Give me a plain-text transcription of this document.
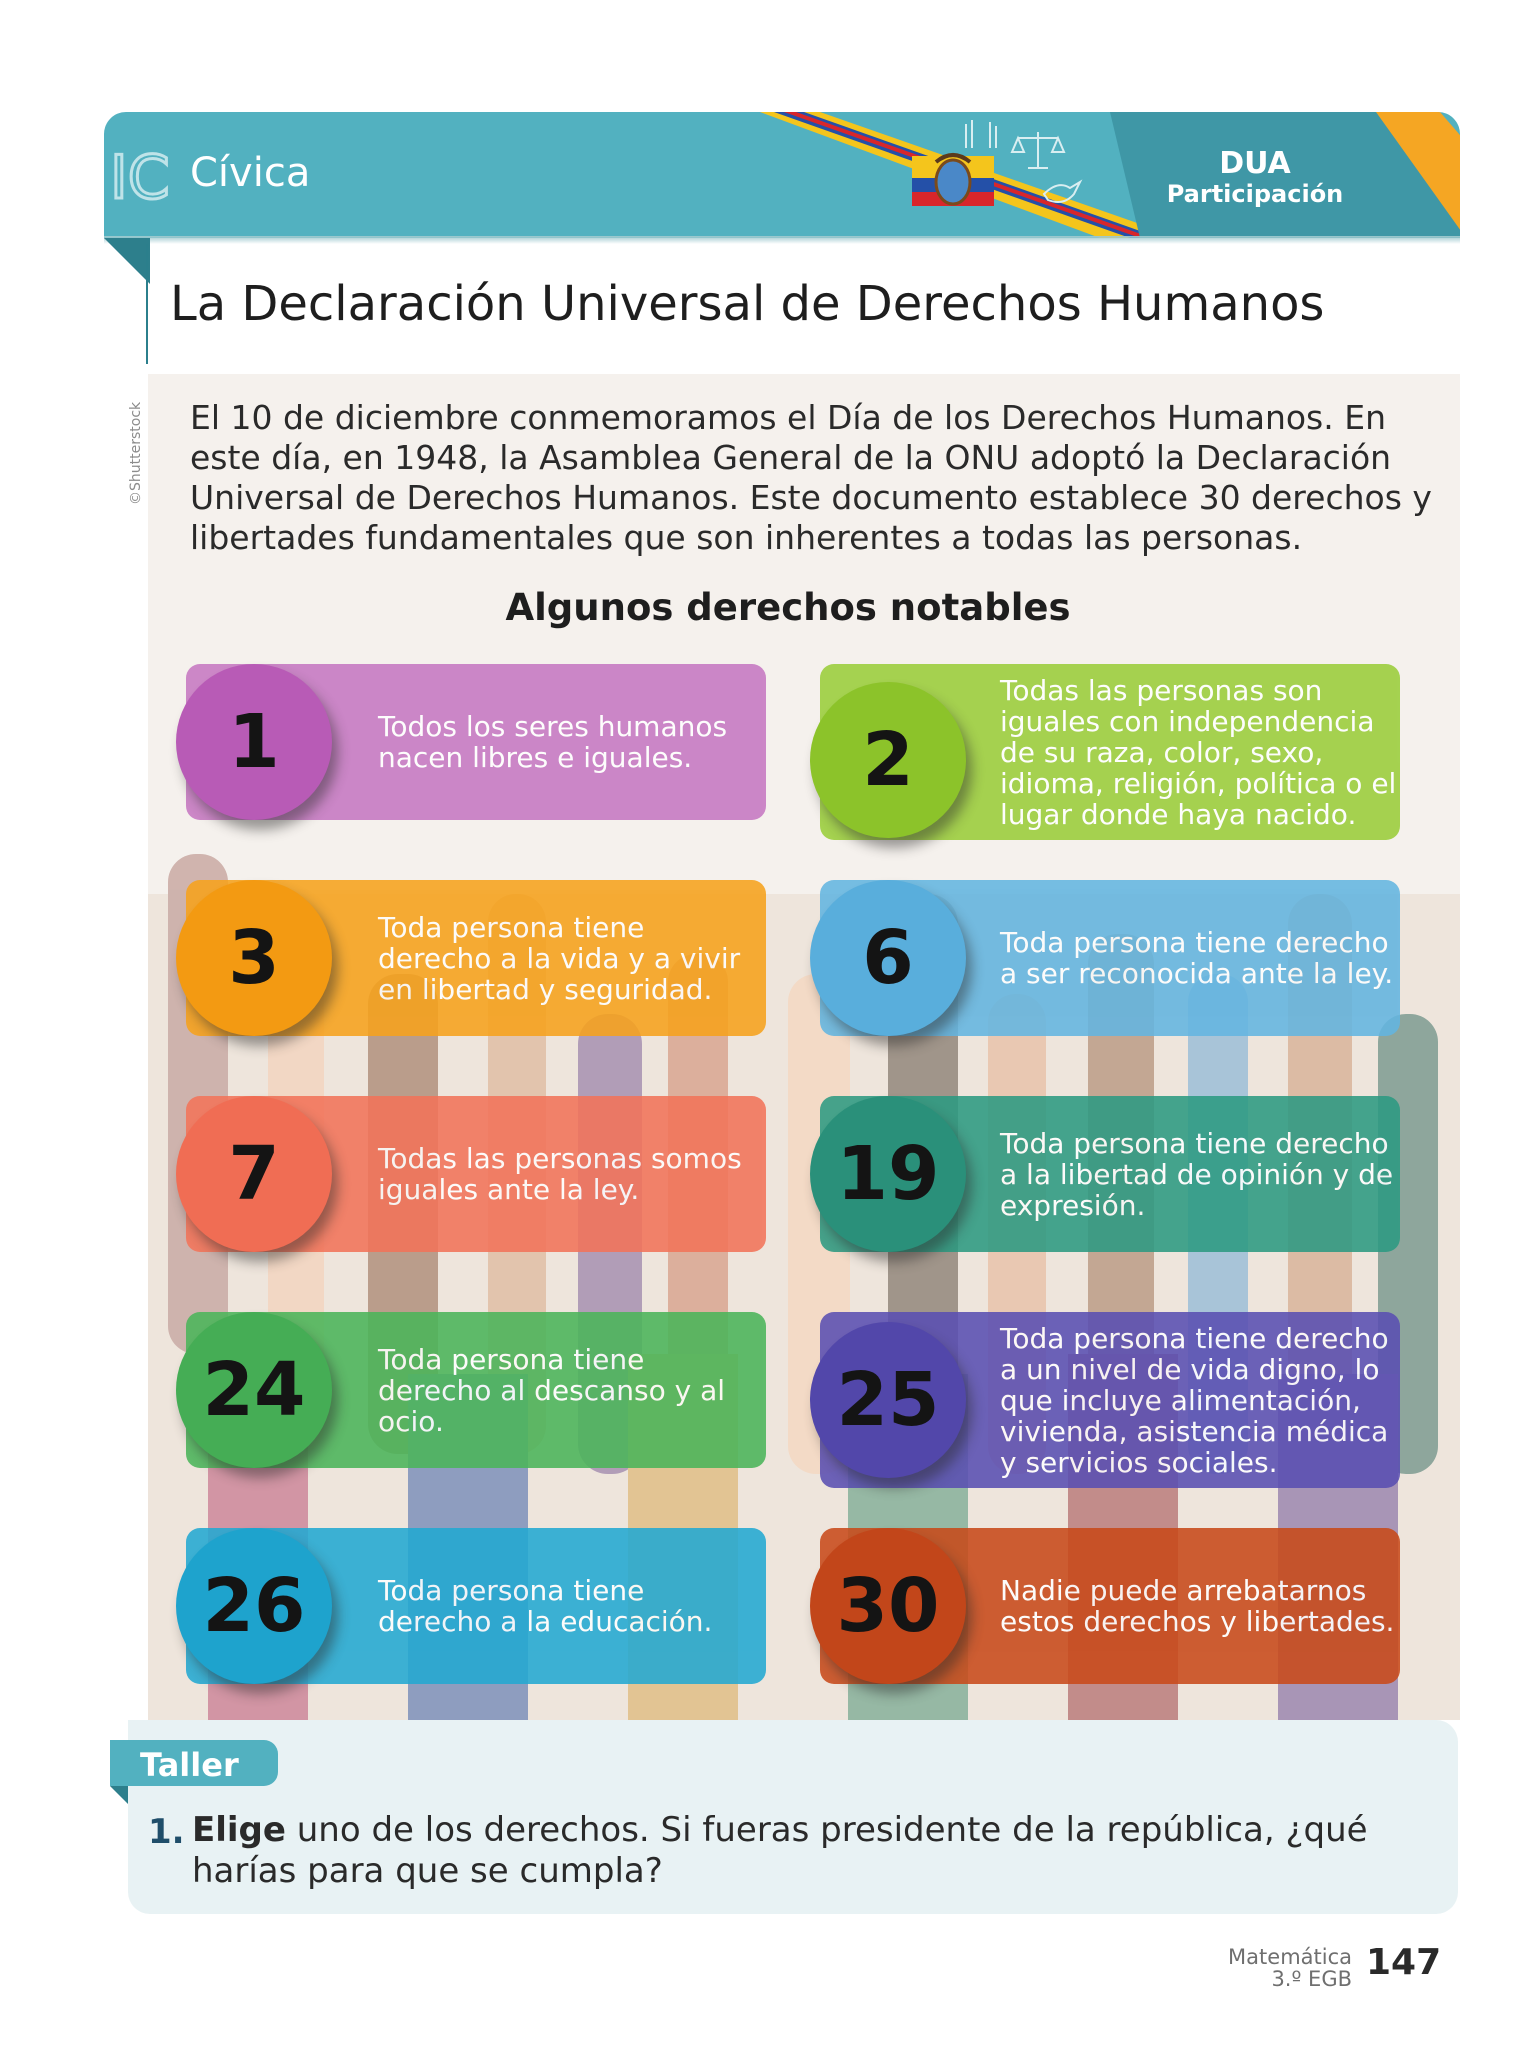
IC Cívica	DUA
Participación
La Declaración Universal de Derechos Humanos
©Shutterstock El 10 de diciembre conmemoramos el Día de los Derechos Humanos. En este día, en 1948, la Asamblea General de la ONU adoptó la Declaración Universal de Derechos Humanos. Este documento establece 30 derechos y libertades fundamentales que son inherentes a todas las personas.
Algunos derechos notables
Todos los seres humanos nacen libres e iguales.
1
Todas las personas son iguales con independencia de su raza, color, sexo, idioma, religión, política o el lugar donde haya nacido.
2
Toda persona tiene derecho a la vida y a vivir en libertad y seguridad.
3	Toda persona tiene derecho a ser reconocida ante la ley.
6
Todas las personas somos iguales ante la ley.
7	Toda persona tiene derecho a la libertad de opinión y de expresión.
19
Toda persona tiene derecho al descanso y al ocio.
24
Toda persona tiene derecho a un nivel de vida digno, lo que incluye alimentación, vivienda, asistencia médica y servicios sociales.
25
Toda persona tiene derecho a la educación.
26	Nadie puede arrebatarnos estos derechos y libertades.
30
Taller
1. Elige uno de los derechos. Si fueras presidente de la república, ¿qué harías para que se cumpla?
Matemática
3.º EGB 147
